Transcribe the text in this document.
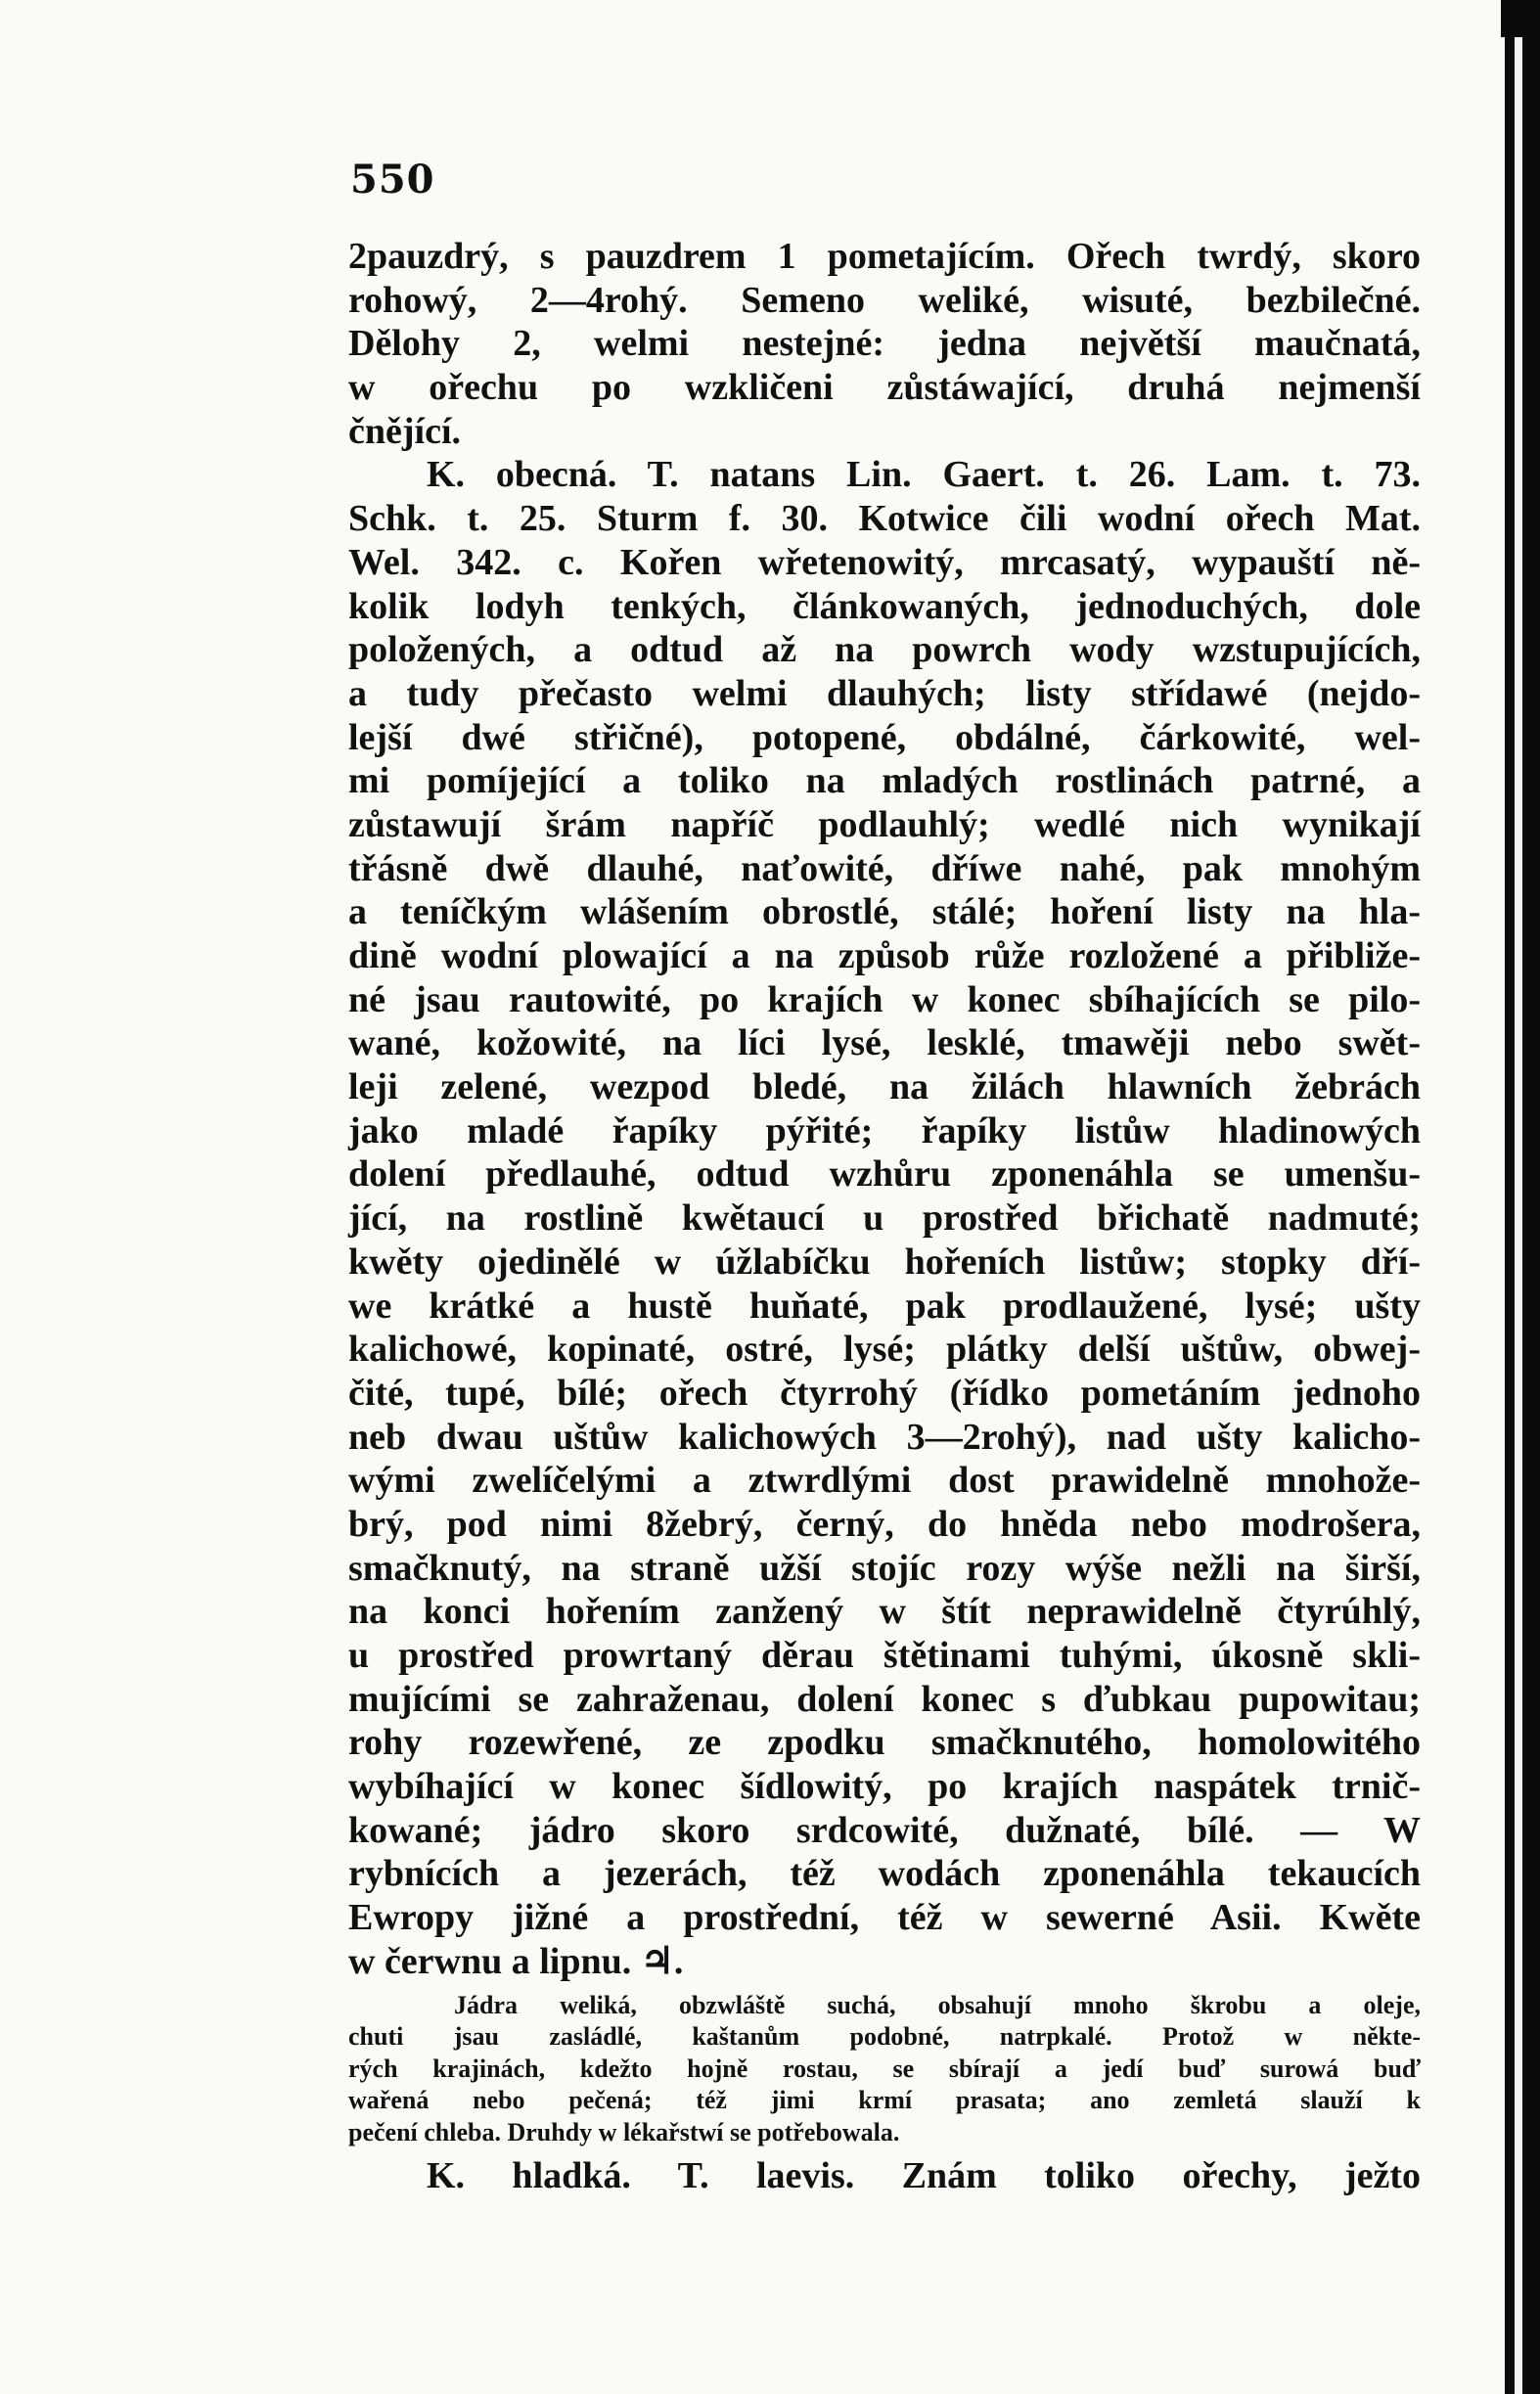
550
2pauzdrý, s pauzdrem 1 pometajícím. Ořech twrdý, skoro
rohowý, 2—4rohý. Semeno weliké, wisuté, bezbilečné.
Dělohy 2, welmi nestejné: jedna největší maučnatá,
w ořechu po wzkličeni zůstáwající, druhá nejmenší
čnějící.
K. obecná. T. natans Lin. Gaert. t. 26. Lam. t. 73.
Schk. t. 25. Sturm f. 30. Kotwice čili wodní ořech Mat.
Wel. 342. c. Kořen wřetenowitý, mrcasatý, wypauští ně-
kolik lodyh tenkých, článkowaných, jednoduchých, dole
položených, a odtud až na powrch wody wzstupujících,
a tudy přečasto welmi dlauhých; listy střídawé (nejdo-
lejší dwé střičné), potopené, obdálné, čárkowité, wel-
mi pomíjející a toliko na mladých rostlinách patrné, a
zůstawují šrám napříč podlauhlý; wedlé nich wynikají
třásně dwě dlauhé, naťowité, dříwe nahé, pak mnohým
a teníčkým wlášením obrostlé, stálé; hoření listy na hla-
dině wodní plowající a na způsob růže rozložené a přibliže-
né jsau rautowité, po krajích w konec sbíhajících se pilo-
wané, kožowité, na líci lysé, lesklé, tmawěji nebo swět-
leji zelené, wezpod bledé, na žilách hlawních žebrách
jako mladé řapíky pýřité; řapíky listůw hladinowých
dolení předlauhé, odtud wzhůru zponenáhla se umenšu-
jící, na rostlině kwětaucí u prostřed břichatě nadmuté;
kwěty ojedinělé w úžlabíčku hořeních listůw; stopky dří-
we krátké a hustě huňaté, pak prodlaužené, lysé; ušty
kalichowé, kopinaté, ostré, lysé; plátky delší uštůw, obwej-
čité, tupé, bílé; ořech čtyrrohý (řídko pometáním jednoho
neb dwau uštůw kalichowých 3—2rohý), nad ušty kalicho-
wými zwelíčelými a ztwrdlými dost prawidelně mnohože-
brý, pod nimi 8žebrý, černý, do hněda nebo modrošera,
smačknutý, na straně užší stojíc rozy wýše nežli na širší,
na konci hořením zanžený w štít neprawidelně čtyrúhlý,
u prostřed prowrtaný děrau štětinami tuhými, úkosně skli-
mujícími se zahraženau, dolení konec s ďubkau pupowitau;
rohy rozewřené, ze zpodku smačknutého, homolowitého
wybíhající w konec šídlowitý, po krajích naspátek trnič-
kowané; jádro skoro srdcowité, dužnaté, bílé. — W
rybnících a jezerách, též wodách zponenáhla tekaucích
Ewropy jižné a prostřední, též w sewerné Asii. Kwěte
w čerwnu a lipnu. ♃.
Jádra weliká, obzwláště suchá, obsahují mnoho škrobu a oleje,
chuti jsau zasládlé, kaštanům podobné, natrpkalé. Protož w někte-
rých krajinách, kdežto hojně rostau, se sbírají a jedí buď surowá buď
wařená nebo pečená; též jimi krmí prasata; ano zemletá slauží k
pečení chleba. Druhdy w lékařstwí se potřebowala.
K. hladká. T. laevis. Znám toliko ořechy, ježto
